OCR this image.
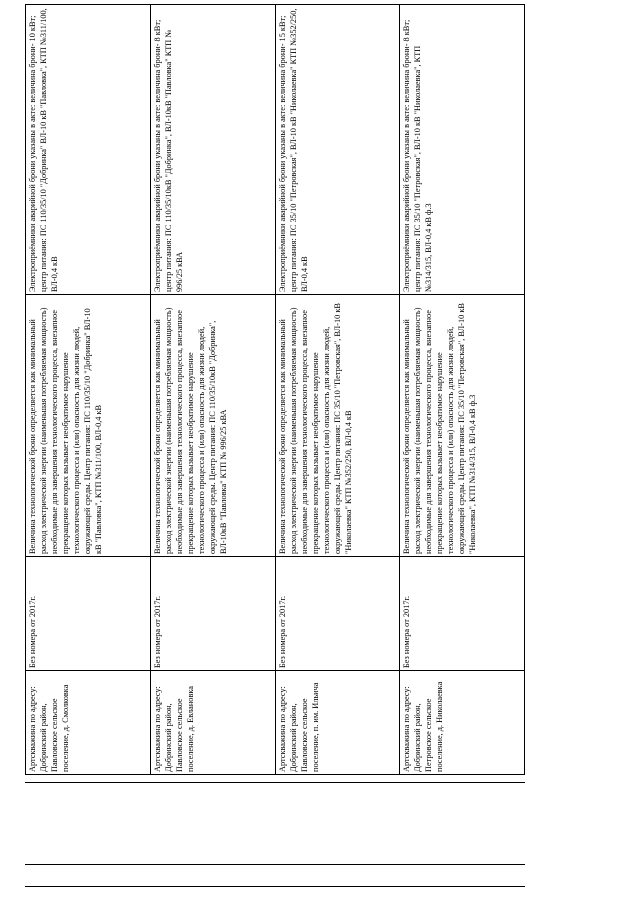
Артскважина по адресу: Добринский район, Павловское сельское поселение, д. Смолковка	Без номера от 2017г.	Величина технологической брони определяется как минимальный расход электрической энергии (наименьшая потребляемая мощность) необходимые для завершения технологического процесса, внезапное прекращение которых вызывает необратимое нарушение технологического процесса и (или) опасность для жизни людей, окружающей среды. Центр питания: ПС 110/35/10 "Добринка" ВЛ-10 кВ "Павловка", КТП №311/100, ВЛ-0,4 кВ	Электроприёмники аварийной брони указаны в акте: величина брони- 10 кВт; центр питания: ПС 110/35/10 "Добринка" ВЛ-10 кВ "Павловка", КТП №311/100, ВЛ-0,4 кВ
Артскважина по адресу: Добринский район, Павловское сельское поселение, д. Евлановка	Без номера от 2017г.	Величина технологической брони определяется как минимальный расход электрической энергии (наименьшая потребляемая мощность) необходимые для завершения технологического процесса, внезапное прекращение которых вызывает необратимое нарушение технологического процесса и (или) опасность для жизни людей, окружающей среды. Центр питания: ПС 110/35/10кВ "Добринка", ВЛ-10кВ "Павловка" КТП № 996/25 кВА	Электроприёмники аварийной брони указаны в акте: величина брони- 8 кВт; центр питания: ПС 110/35/10кВ "Добринка", ВЛ-10кВ "Павловка" КТП № 996/25 кВА
Артскважина по адресу: Добринский район, Павловское сельское поселение, п. им. Ильича	Без номера от 2017г.	Величина технологической брони определяется как минимальный расход электрической энергии (наименьшая потребляемая мощность) необходимые для завершения технологического процесса, внезапное прекращение которых вызывает необратимое нарушение технологического процесса и (или) опасность для жизни людей, окружающей среды. Центр питания: ПС 35/10 "Петровская", ВЛ-10 кВ "Николаевка" КТП №352/250, ВЛ-0,4 кВ	Электроприёмники аварийной брони указаны в акте: величина брони- 15 кВт; центр питания: ПС 35/10 "Петровская", ВЛ-10 кВ "Николаевка" КТП №352/250, ВЛ-0,4 кВ
Артскважина по адресу: Добринский район, Петровское сельское поселение, д. Николаевка	Без номера от 2017г.	Величина технологической брони определяется как минимальный расход электрической энергии (наименьшая потребляемая мощность) необходимые для завершения технологического процесса, внезапное прекращение которых вызывает необратимое нарушение технологического процесса и (или) опасность для жизни людей, окружающей среды. Центр питания: ПС 35/10 "Петровская", ВЛ-10 кВ "Николаевка", КТП №314/315, ВЛ-0,4 кВ ф.3	Электроприёмники аварийной брони указаны в акте: величина брони- 8 кВт; центр питания: ПС 35/10 "Петровская", ВЛ-10 кВ "Николаевка", КТП №314/315, ВЛ-0,4 кВ ф.3
